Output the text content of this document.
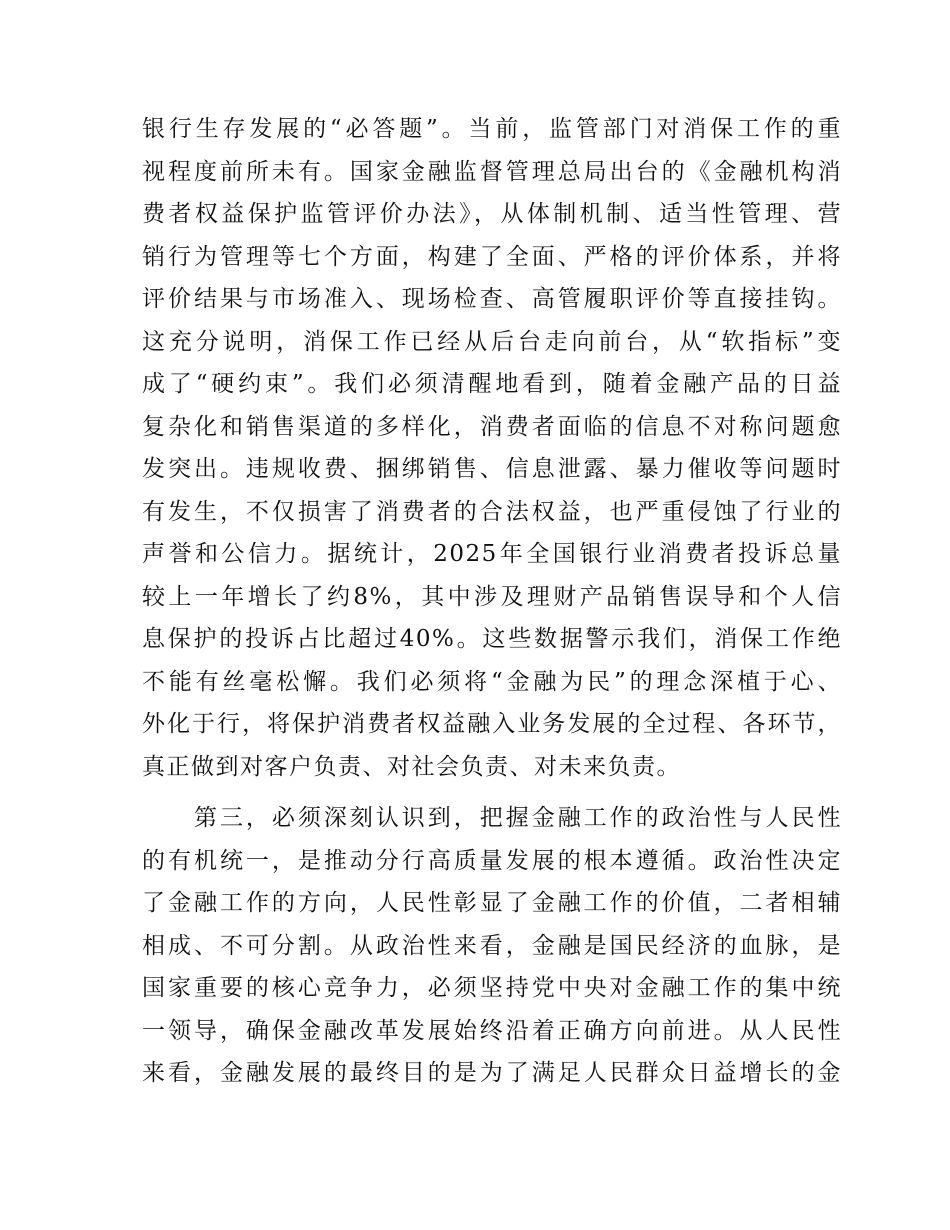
银行生存发展的“必答题”。当前，监管部门对消保工作的重
视程度前所未有。国家金融监督管理总局出台的《金融机构消
费者权益保护监管评价办法》，从体制机制、适当性管理、营
销行为管理等七个方面，构建了全面、严格的评价体系，并将
评价结果与市场准入、现场检查、高管履职评价等直接挂钩。
这充分说明，消保工作已经从后台走向前台，从“软指标”变
成了“硬约束”。我们必须清醒地看到，随着金融产品的日益
复杂化和销售渠道的多样化，消费者面临的信息不对称问题愈
发突出。违规收费、捆绑销售、信息泄露、暴力催收等问题时
有发生，不仅损害了消费者的合法权益，也严重侵蚀了行业的
声誉和公信力。据统计，2025年全国银行业消费者投诉总量
较上一年增长了约8%，其中涉及理财产品销售误导和个人信
息保护的投诉占比超过40%。这些数据警示我们，消保工作绝
不能有丝毫松懈。我们必须将“金融为民”的理念深植于心、
外化于行，将保护消费者权益融入业务发展的全过程、各环节，
真正做到对客户负责、对社会负责、对未来负责。
　　第三，必须深刻认识到，把握金融工作的政治性与人民性
的有机统一，是推动分行高质量发展的根本遵循。政治性决定
了金融工作的方向，人民性彰显了金融工作的价值，二者相辅
相成、不可分割。从政治性来看，金融是国民经济的血脉，是
国家重要的核心竞争力，必须坚持党中央对金融工作的集中统
一领导，确保金融改革发展始终沿着正确方向前进。从人民性
来看，金融发展的最终目的是为了满足人民群众日益增长的金
